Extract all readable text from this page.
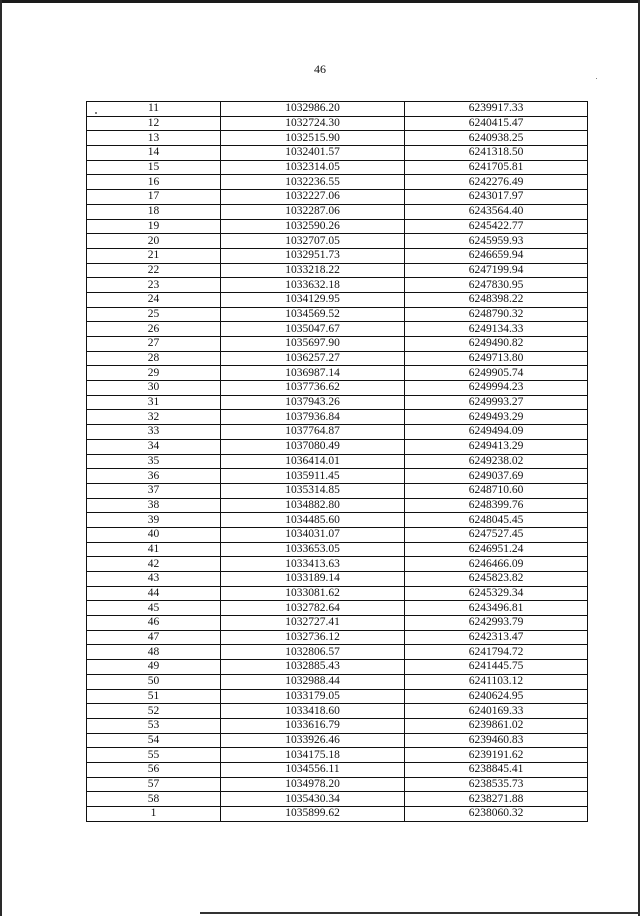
46
11	1032986.20	6239917.33
12	1032724.30	6240415.47
13	1032515.90	6240938.25
14	1032401.57	6241318.50
15	1032314.05	6241705.81
16	1032236.55	6242276.49
17	1032227.06	6243017.97
18	1032287.06	6243564.40
19	1032590.26	6245422.77
20	1032707.05	6245959.93
21	1032951.73	6246659.94
22	1033218.22	6247199.94
23	1033632.18	6247830.95
24	1034129.95	6248398.22
25	1034569.52	6248790.32
26	1035047.67	6249134.33
27	1035697.90	6249490.82
28	1036257.27	6249713.80
29	1036987.14	6249905.74
30	1037736.62	6249994.23
31	1037943.26	6249993.27
32	1037936.84	6249493.29
33	1037764.87	6249494.09
34	1037080.49	6249413.29
35	1036414.01	6249238.02
36	1035911.45	6249037.69
37	1035314.85	6248710.60
38	1034882.80	6248399.76
39	1034485.60	6248045.45
40	1034031.07	6247527.45
41	1033653.05	6246951.24
42	1033413.63	6246466.09
43	1033189.14	6245823.82
44	1033081.62	6245329.34
45	1032782.64	6243496.81
46	1032727.41	6242993.79
47	1032736.12	6242313.47
48	1032806.57	6241794.72
49	1032885.43	6241445.75
50	1032988.44	6241103.12
51	1033179.05	6240624.95
52	1033418.60	6240169.33
53	1033616.79	6239861.02
54	1033926.46	6239460.83
55	1034175.18	6239191.62
56	1034556.11	6238845.41
57	1034978.20	6238535.73
58	1035430.34	6238271.88
1	1035899.62	6238060.32
